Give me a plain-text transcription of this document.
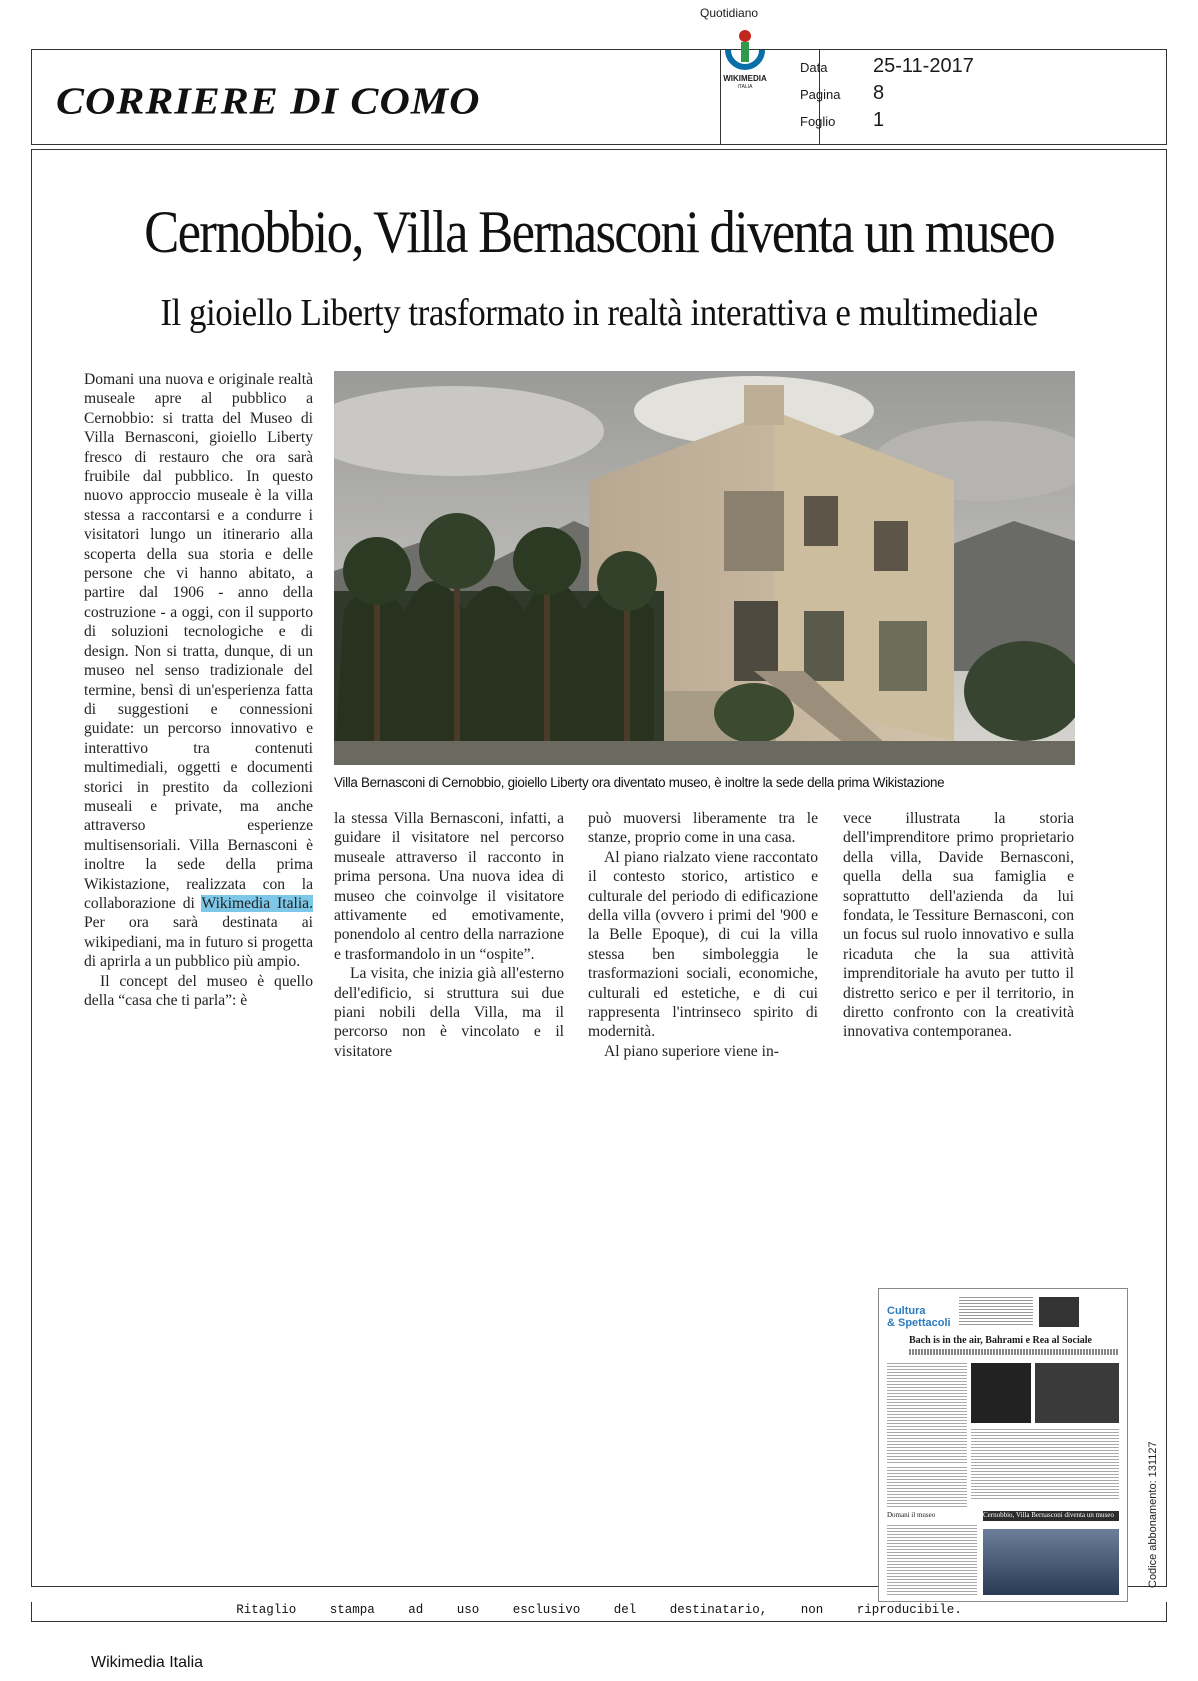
CORRIERE DI COMO
Quotidiano
WIKIMEDIA
ITALIA
Data 25-11-2017
Pagina 8
Foglio 1
Cernobbio, Villa Bernasconi diventa un museo
Il gioiello Liberty trasformato in realtà interattiva e multimediale

Domani una nuova e originale realtà museale apre al pubblico a Cernobbio: si tratta del Museo di Villa Bernasconi, gioiello Liberty fresco di restauro che ora sarà fruibile dal pubblico. In questo nuovo approccio museale è la villa stessa a raccontarsi e a condurre i visitatori lungo un itinerario alla scoperta della sua storia e delle persone che vi hanno abitato, a partire dal 1906 - anno della costruzione - a oggi, con il supporto di soluzioni tecnologiche e di design. Non si tratta, dunque, di un museo nel senso tradizionale del termine, bensì di un'esperienza fatta di suggestioni e connessioni guidate: un percorso innovativo e interattivo tra contenuti multimediali, oggetti e documenti storici in prestito da collezioni museali e private, ma anche attraverso esperienze multisensoriali. Villa Bernasconi è inoltre la sede della prima Wikistazione, realizzata con la collaborazione di Wikimedia Italia. Per ora sarà destinata ai wikipediani, ma in futuro si progetta di aprirla a un pubblico più ampio.

Il concept del museo è quello della “casa che ti parla”: è

Villa Bernasconi di Cernobbio, gioiello Liberty ora diventato museo, è inoltre la sede della prima Wikistazione

la stessa Villa Bernasconi, infatti, a guidare il visitatore nel percorso museale attraverso il racconto in prima persona. Una nuova idea di museo che coinvolge il visitatore attivamente ed emotivamente, ponendolo al centro della narrazione e trasformandolo in un “ospite”.

La visita, che inizia già all'esterno dell'edificio, si struttura sui due piani nobili della Villa, ma il percorso non è vincolato e il visitatore

può muoversi liberamente tra le stanze, proprio come in una casa.

Al piano rialzato viene raccontato il contesto storico, artistico e culturale del periodo di edificazione della villa (ovvero i primi del '900 e la Belle Epoque), di cui la villa stessa ben simboleggia le trasformazioni sociali, economiche, culturali ed estetiche, e di cui rappresenta l'intrinseco spirito di modernità.

Al piano superiore viene in-

vece illustrata la storia dell'imprenditore primo proprietario della villa, Davide Bernasconi, quella della sua famiglia e soprattutto dell'azienda da lui fondata, le Tessiture Bernasconi, con un focus sul ruolo innovativo e sulla ricaduta che la sua attività imprenditoriale ha avuto per tutto il distretto serico e per il territorio, in diretto confronto con la creatività innovativa contemporanea.

Cultura
& Spettacoli
Bach is in the air, Bahrami e Rea al Sociale
Domani il museo	Cernobbio, Villa Bernasconi diventa un museo	Codice abbonamento: 131127
Ritaglio stampa ad uso esclusivo del destinatario, non riproducibile.
Wikimedia Italia
